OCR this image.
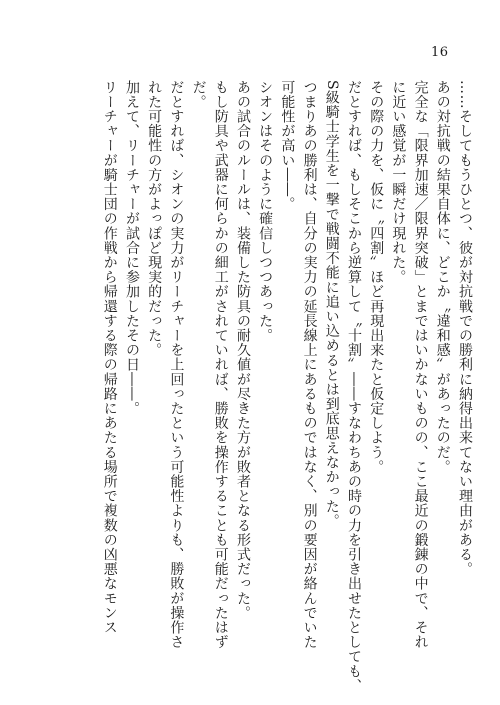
16
……そしてもうひとつ、彼が対抗戦での勝利に納得出来てない理由がある。
あの対抗戦の結果自体に、どこか〝違和感〟があったのだ。
完全な「限界加速／限界突破」とまではいかないものの、ここ最近の鍛錬の中で、それ
に近い感覚が一瞬だけ現れた。
その際の力を、仮に〝四割〟ほど再現出来たと仮定しよう。
だとすれば、もしそこから逆算して〝十割〟――すなわちあの時の力を引き出せたとしても、
S級騎士学生を一撃で戦闘不能に追い込めるとは到底思えなかった。
つまりあの勝利は、自分の実力の延長線上にあるものではなく、別の要因が絡んでいた
可能性が高い――。
シオンはそのように確信しつつあった。
あの試合のルールは、装備した防具の耐久値が尽きた方が敗者となる形式だった。
もし防具や武器に何らかの細工がされていれば、勝敗を操作することも可能だったはず
だ。
だとすれば、シオンの実力がリーチャーを上回ったという可能性よりも、勝敗が操作さ
れた可能性の方がよっぽど現実的だった。
加えて、リーチャーが試合に参加したその日――。
リーチャーが騎士団の作戦から帰還する際の帰路にあたる場所で複数の凶悪なモンス
